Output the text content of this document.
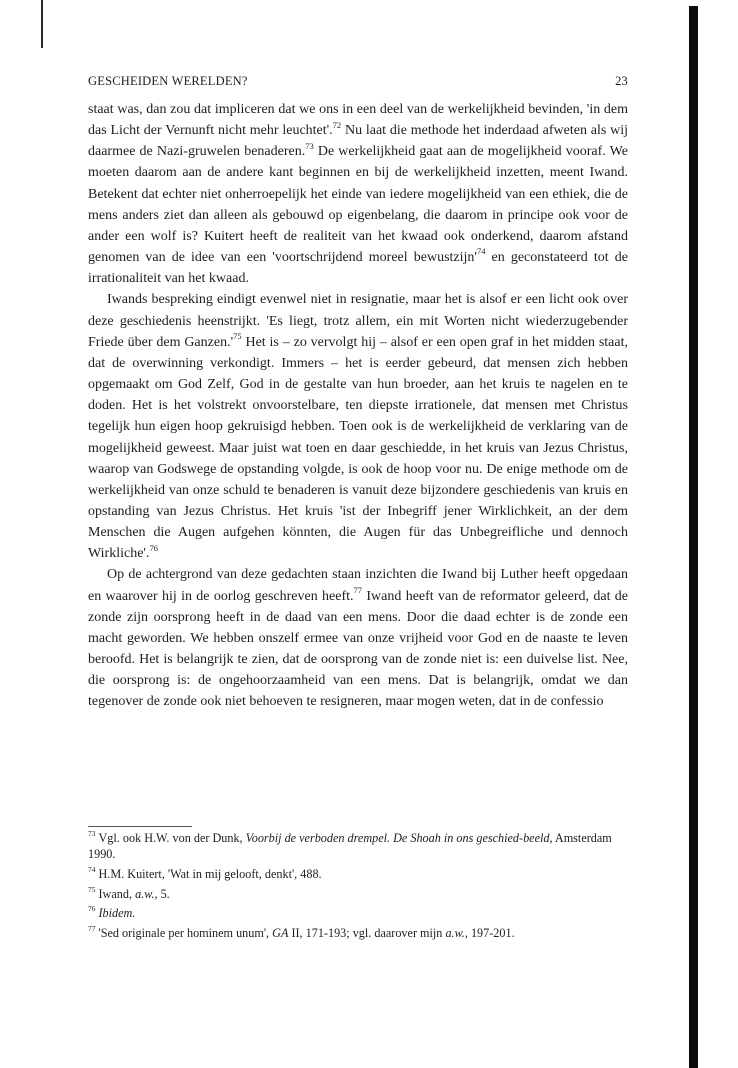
GESCHEIDEN WERELDEN?	23

staat was, dan zou dat impliceren dat we ons in een deel van de werkelijkheid bevinden, 'in dem das Licht der Vernunft nicht mehr leuchtet'.$^{72}$ Nu laat die methode het inderdaad afweten als wij daarmee de Nazi-gruwelen benaderen.$^{73}$ De werkelijkheid gaat aan de mogelijkheid vooraf. We moeten daarom aan de andere kant beginnen en bij de werkelijkheid inzetten, meent Iwand. Betekent dat echter niet onherroepelijk het einde van iedere mogelijkheid van een ethiek, die de mens anders ziet dan alleen als gebouwd op eigenbelang, die daarom in principe ook voor de ander een wolf is? Kuitert heeft de realiteit van het kwaad ook onderkend, daarom afstand genomen van de idee van een 'voortschrijdend moreel $bewustzijn'^{74}$ en geconstateerd tot de irrationaliteit van het kwaad.

Iwands bespreking eindigt evenwel niet in resignatie, maar het is alsof er een licht ook over deze geschiedenis heenstrijkt. 'Es liegt, trotz allem, ein mit Worten nicht wiederzugebender Friede über dem $Ganzen.'^{75}$ Het is – zo vervolgt hij – alsof er een open graf in het midden staat, dat de overwinning verkondigt. Immers – het is eerder gebeurd, dat mensen zich hebben opgemaakt om God Zelf, God in de gestalte van hun broeder, aan het kruis te nagelen en te doden. Het is het volstrekt onvoorstelbare, ten diepste irrationele, dat mensen met Christus tegelijk hun eigen hoop gekruisigd hebben. Toen ook is de werkelijkheid de verklaring van de mogelijkheid geweest. Maar juist wat toen en daar geschiedde, in het kruis van Jezus Christus, waarop van Godswege de opstanding volgde, is ook de hoop voor nu. De enige methode om de werkelijkheid van onze schuld te benaderen is vanuit deze bijzondere geschiedenis van kruis en opstanding van Jezus Christus. Het kruis 'ist der Inbegriff jener Wirklichkeit, an der dem Menschen die Augen aufgehen könnten, die Augen für das Unbegreifliche und dennoch Wirkliche'.$^{76}$

Op de achtergrond van deze gedachten staan inzichten die Iwand bij Luther heeft opgedaan en waarover hij in de oorlog geschreven heeft.$^{77}$ Iwand heeft van de reformator geleerd, dat de zonde zijn oorsprong heeft in de daad van een mens. Door die daad echter is de zonde een macht geworden. We hebben onszelf ermee van onze vrijheid voor God en de naaste te leven beroofd. Het is belangrijk te zien, dat de oorsprong van de zonde niet is: een duivelse list. Nee, die oorsprong is: de ongehoorzaamheid van een mens. Dat is belangrijk, omdat we dan tegenover de zonde ook niet behoeven te resigneren, maar mogen weten, dat in de confessio

$^{73}$ Vgl. ook H.W. von der Dunk, Voorbij de verboden drempel. De Shoah in ons geschied-beeld, Amsterdam 1990.
$^{74}$ H.M. Kuitert, 'Wat in mij gelooft, denkt', 488.
$^{75}$ Iwand, a.w., 5.
$^{76}$ Ibidem.
$^{77}$ 'Sed originale per hominem unum', GA II, 171-193; vgl. daarover mijn a.w., 197-201.
